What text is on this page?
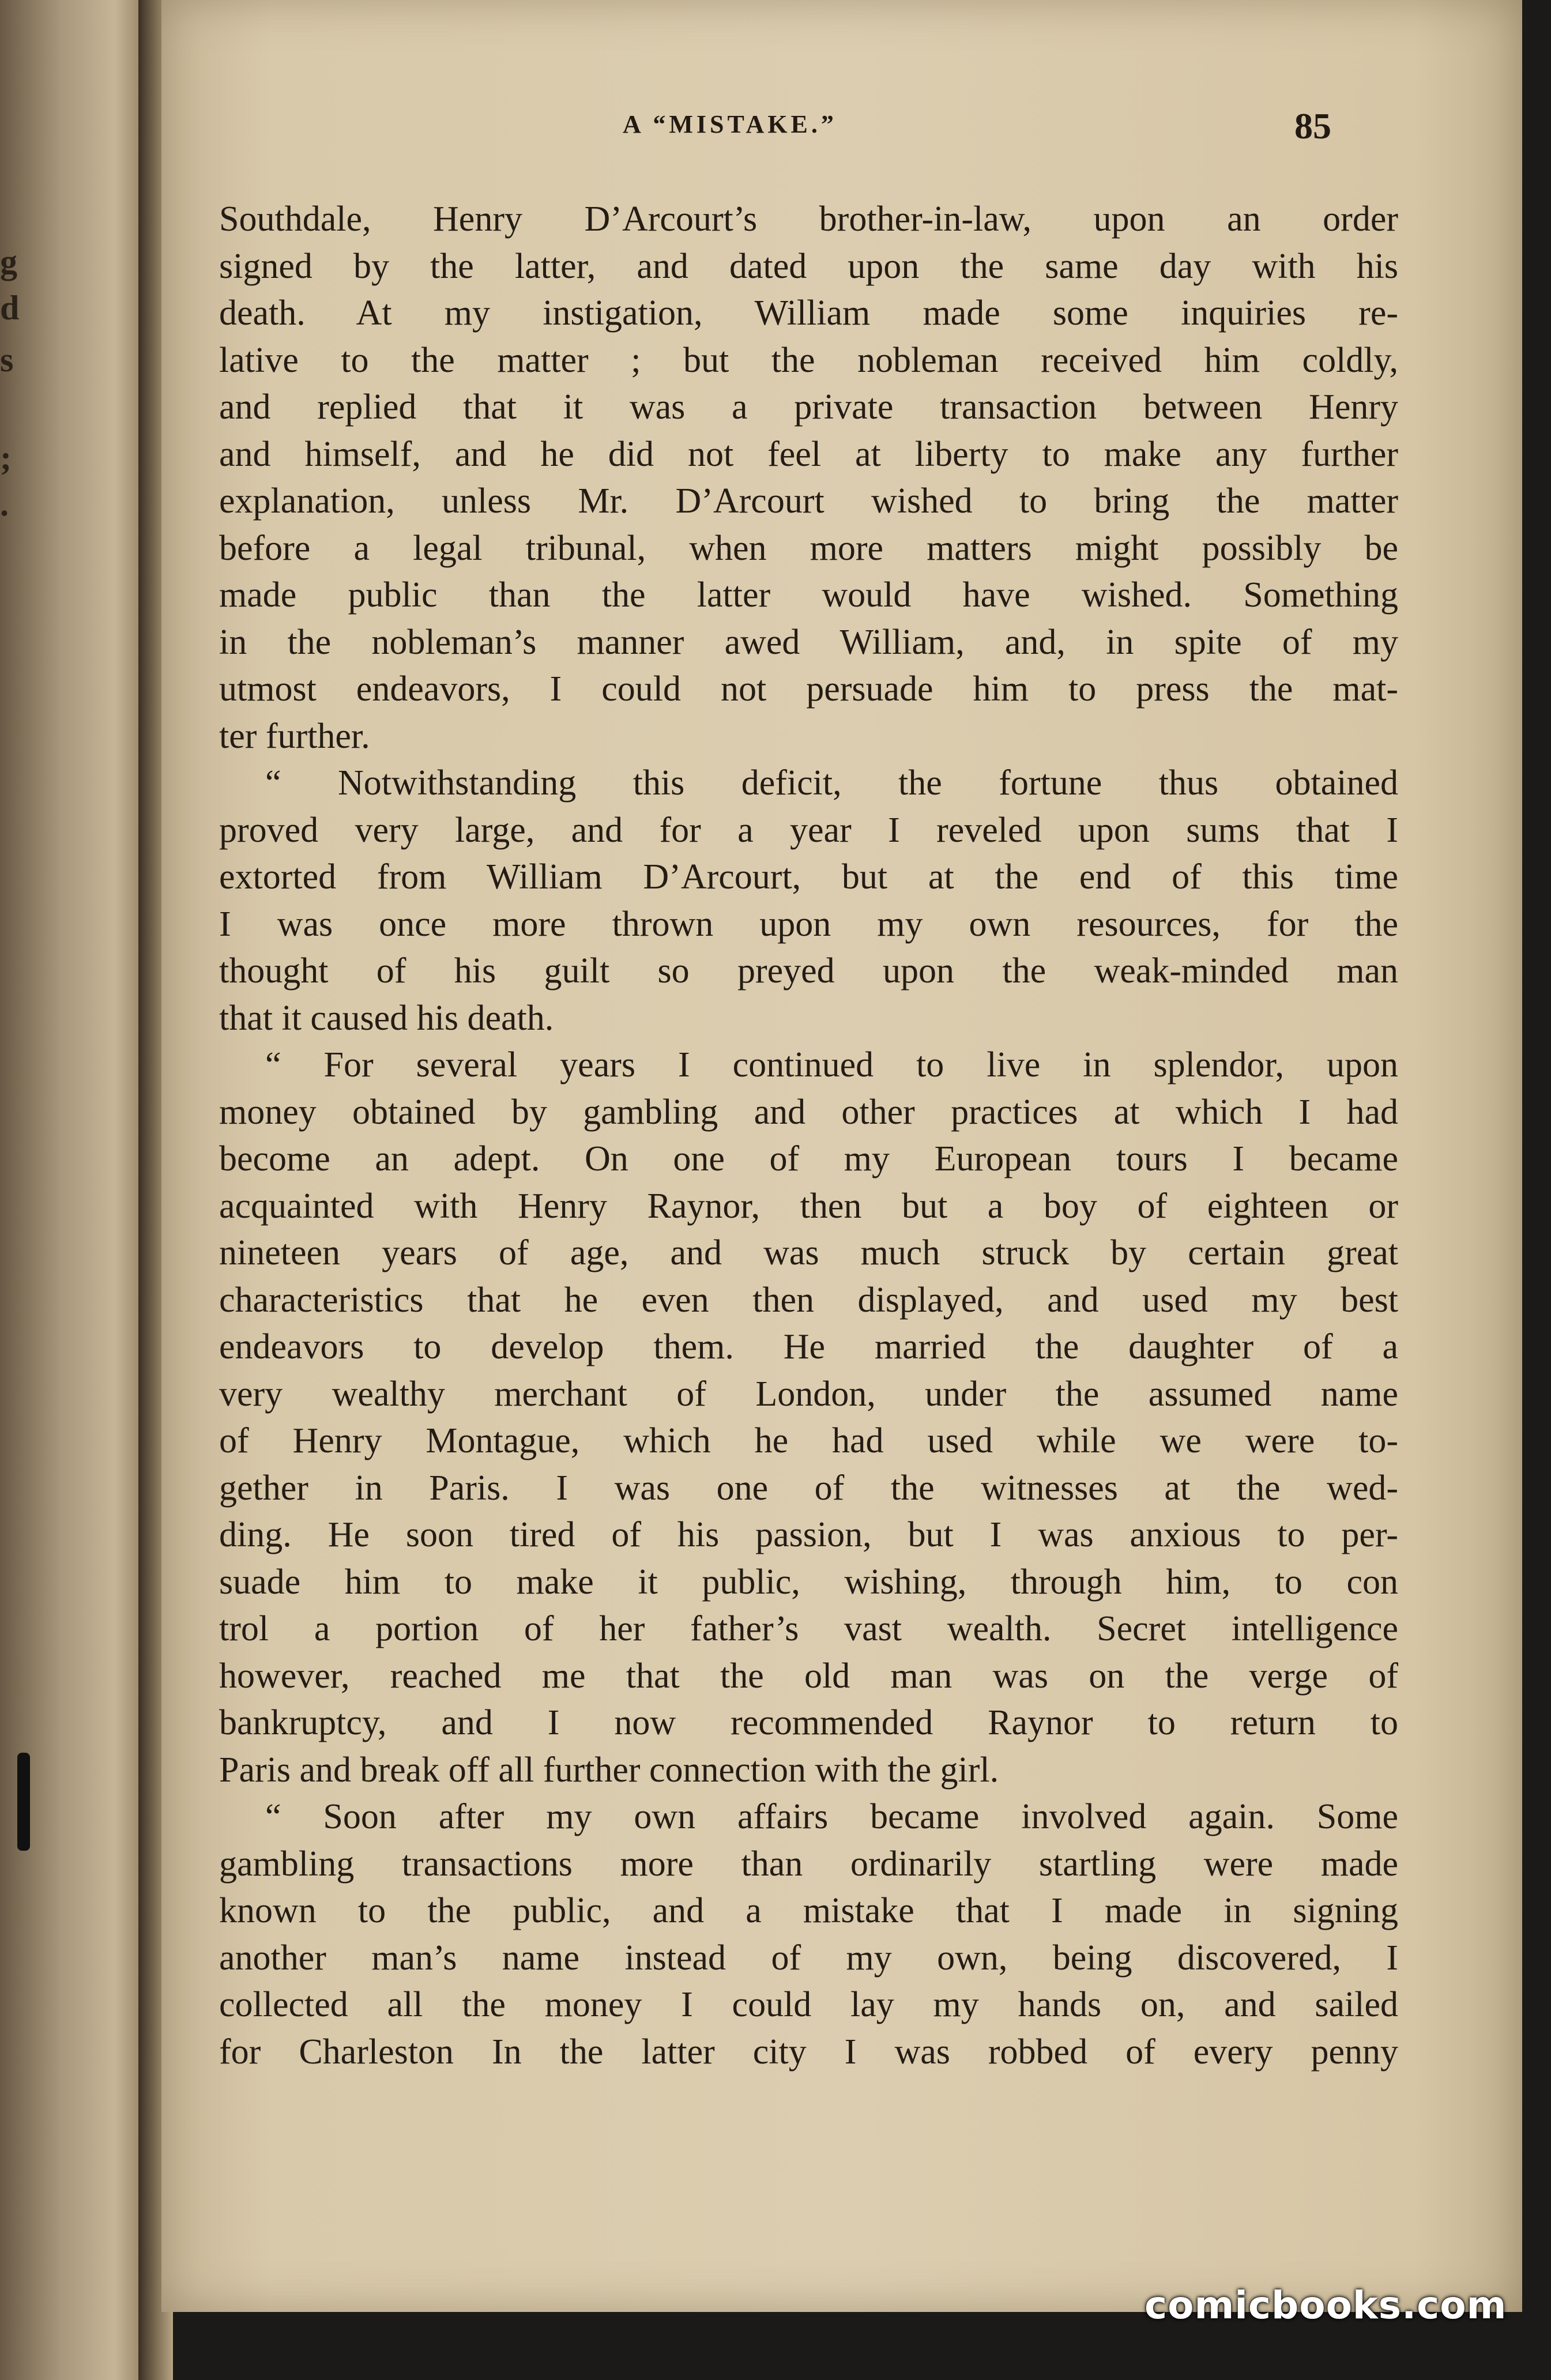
g
d
s
;
.
A “MISTAKE.”	85
Southdale, Henry D’Arcourt’s brother-in-law, upon an order
signed by the latter, and dated upon the same day with his
death. At my instigation, William made some inquiries re-
lative to the matter ; but the nobleman received him coldly,
and replied that it was a private transaction between Henry
and himself, and he did not feel at liberty to make any further
explanation, unless Mr. D’Arcourt wished to bring the matter
before a legal tribunal, when more matters might possibly be
made public than the latter would have wished. Something
in the nobleman’s manner awed William, and, in spite of my
utmost endeavors, I could not persuade him to press the mat-
ter further.
“ Notwithstanding this deficit, the fortune thus obtained
proved very large, and for a year I reveled upon sums that I
extorted from William D’Arcourt, but at the end of this time
I was once more thrown upon my own resources, for the
thought of his guilt so preyed upon the weak-minded man
that it caused his death.
“ For several years I continued to live in splendor, upon
money obtained by gambling and other practices at which I had
become an adept. On one of my European tours I became
acquainted with Henry Raynor, then but a boy of eighteen or
nineteen years of age, and was much struck by certain great
characteristics that he even then displayed, and used my best
endeavors to develop them. He married the daughter of a
very wealthy merchant of London, under the assumed name
of Henry Montague, which he had used while we were to-
gether in Paris. I was one of the witnesses at the wed-
ding. He soon tired of his passion, but I was anxious to per-
suade him to make it public, wishing, through him, to con
trol a portion of her father’s vast wealth. Secret intelligence
however, reached me that the old man was on the verge of
bankruptcy, and I now recommended Raynor to return to
Paris and break off all further connection with the girl.
“ Soon after my own affairs became involved again. Some
gambling transactions more than ordinarily startling were made
known to the public, and a mistake that I made in signing
another man’s name instead of my own, being discovered, I
collected all the money I could lay my hands on, and sailed
for Charleston In the latter city I was robbed of every penny
comicbooks.com
